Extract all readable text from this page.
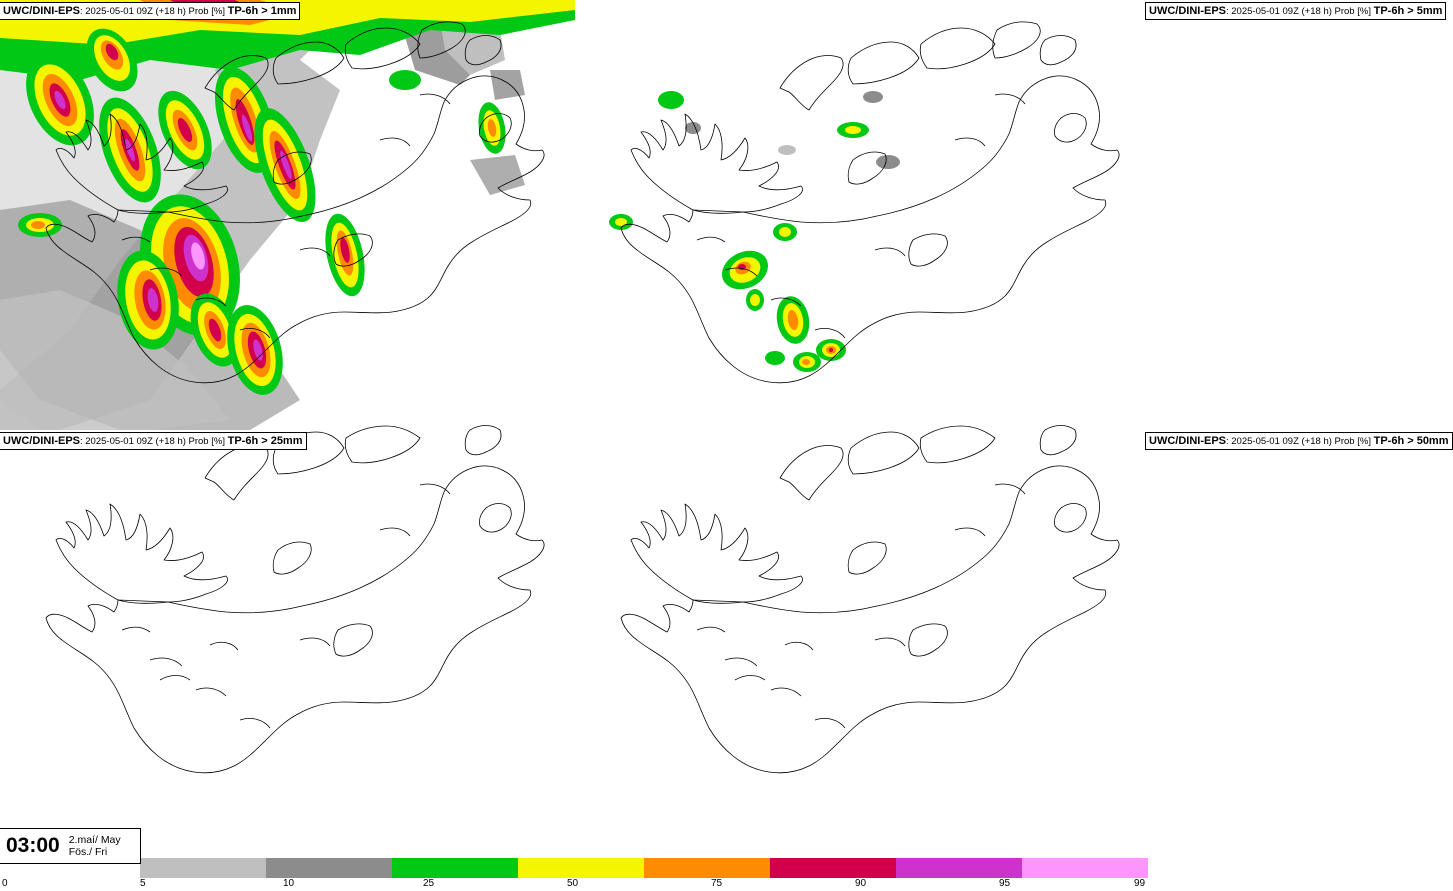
UWC/DINI-EPS: 2025-05-01 09Z (+18 h) Prob [%] TP-6h > 1mm	UWC/DINI-EPS: 2025-05-01 09Z (+18 h) Prob [%] TP-6h > 5mm
UWC/DINI-EPS: 2025-05-01 09Z (+18 h) Prob [%] TP-6h > 25mm	UWC/DINI-EPS: 2025-05-01 09Z (+18 h) Prob [%] TP-6h > 50mm
03:00 2.maí/ May
Fös./ Fri
0	5	10	25	50	75	90	95	99
